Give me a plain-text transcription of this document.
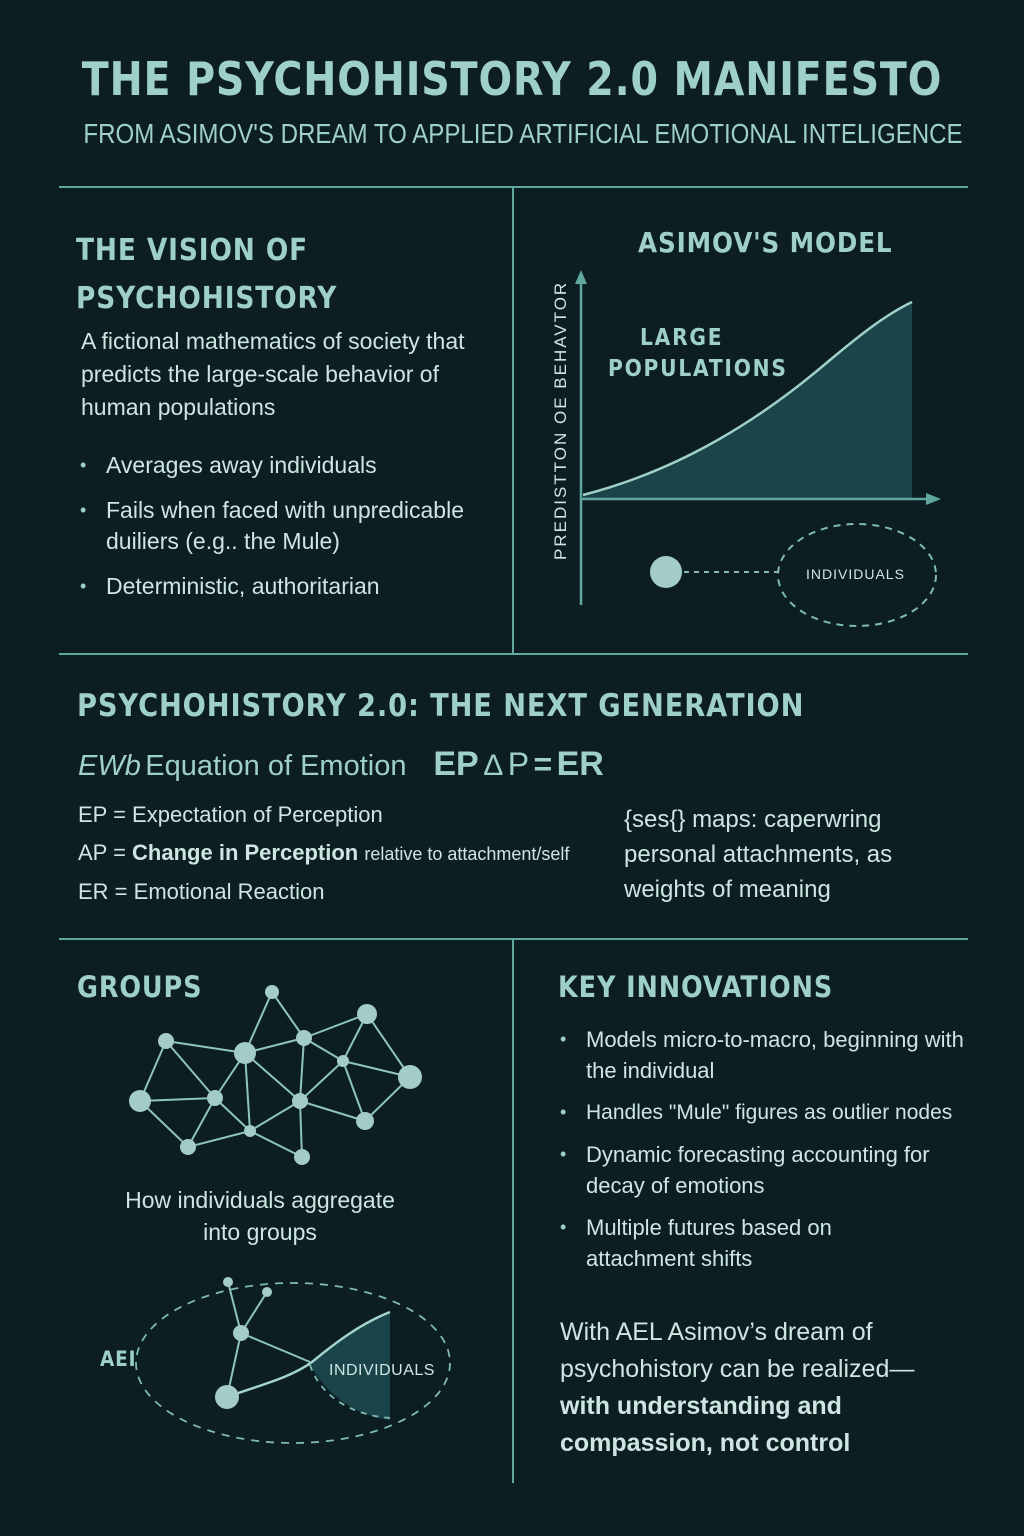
THE PSYCHOHISTORY 2.0 MANIFESTO
FROM ASIMOV'S DREAM TO APPLIED ARTIFICIAL EMOTIONAL INTELIGENCE
THE VISION OF
PSYCHOHISTORY
A fictional mathematics of society that predicts the large-scale behavior of human populations
• Averages away individuals
• Fails when faced with unpredicable duiliers (e.g.. the Mule)
• Deterministic, authoritarian
ASIMOV'S MODEL
PREDISTTON OE BEHAVTOR	LARGE
POPULATIONS
INDIVIDUALS
PSYCHOHISTORY 2.0: THE NEXT GENERATION
EWb Equation of Emotion EP Δ P = ER
EP = Expectation of Perception
AP = Change in Perception relative to attachment/self
ER = Emotional Reaction
{ses{} maps: caperwring personal attachments, as weights of meaning
GROUPS
How individuals aggregate
into groups
AEI	INDIVIDUALS
KEY INNOVATIONS
• Models micro-to-macro, beginning with the individual
• Handles "Mule" figures as outlier nodes
• Dynamic forecasting accounting for decay of emotions
• Multiple futures based on attachment shifts
With AEL Asimov’s dream of
psychohistory can be realized—
with understanding and
compassion, not control
